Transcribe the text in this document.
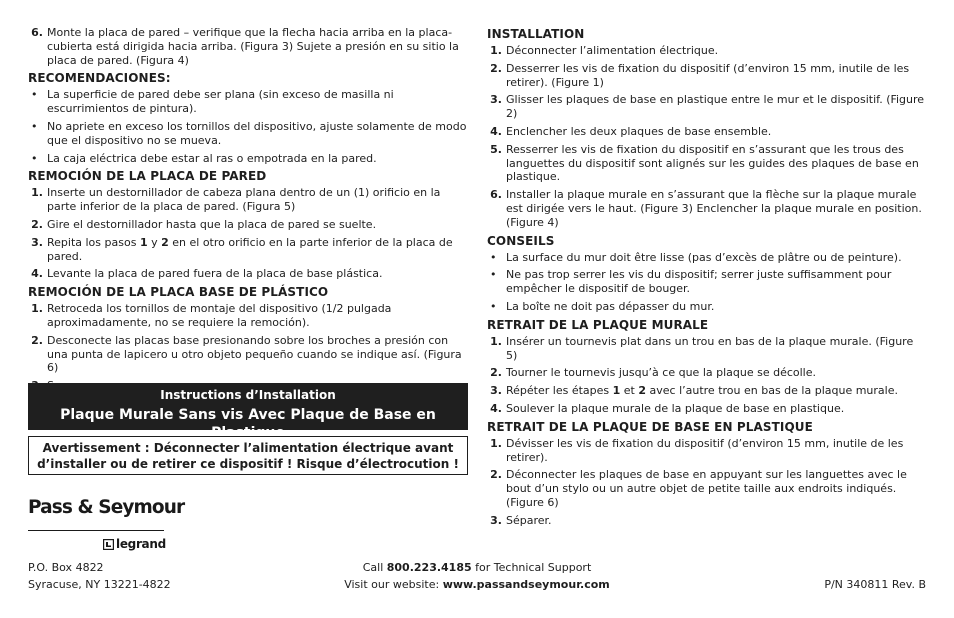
6. Monte la placa de pared – verifique que la flecha hacia arriba en la placa-cubierta está dirigida hacia arriba. (Figura 3) Sujete a presión en su sitio la placa de pared. (Figura 4)
RECOMENDACIONES:
• La superficie de pared debe ser plana (sin exceso de masilla ni escurrimientos de pintura).
• No apriete en exceso los tornillos del dispositivo, ajuste solamente de modo que el dispositivo no se mueva.
• La caja eléctrica debe estar al ras o empotrada en la pared.
REMOCIÓN DE LA PLACA DE PARED
1. Inserte un destornillador de cabeza plana dentro de un (1) orificio en la parte inferior de la placa de pared. (Figura 5)
2. Gire el destornillador hasta que la placa de pared se suelte.
3. Repita los pasos 1 y 2 en el otro orificio en la parte inferior de la placa de pared.
4. Levante la placa de pared fuera de la placa de base plástica.
REMOCIÓN DE LA PLACA BASE DE PLÁSTICO
1. Retroceda los tornillos de montaje del dispositivo (1/2 pulgada aproximadamente, no se requiere la remoción).
2. Desconecte las placas base presionando sobre los broches a presión con una punta de lapicero u otro objeto pequeño cuando se indique así. (Figura 6)
Instructions d’Installation
Plaque Murale Sans vis Avec Plaque de Base en Plastique
Avertissement : Déconnecter l’alimentation électrique avant
d’installer ou de retirer ce dispositif ! Risque d’électrocution !
Pass & Seymour
legrand
INSTALLATION
1. Déconnecter l’alimentation électrique.
2. Desserrer les vis de fixation du dispositif (d’environ 15 mm, inutile de les retirer). (Figure 1)
3. Glisser les plaques de base en plastique entre le mur et le dispositif. (Figure 2)
4. Enclencher les deux plaques de base ensemble.
5. Resserrer les vis de fixation du dispositif en s’assurant que les trous des languettes du dispositif sont alignés sur les guides des plaques de base en plastique.
6. Installer la plaque murale en s’assurant que la flèche sur la plaque murale est dirigée vers le haut. (Figure 3) Enclencher la plaque murale en position. (Figure 4)
CONSEILS
• La surface du mur doit être lisse (pas d’excès de plâtre ou de peinture).
• Ne pas trop serrer les vis du dispositif; serrer juste suffisamment pour empêcher le dispositif de bouger.
• La boîte ne doit pas dépasser du mur.
RETRAIT DE LA PLAQUE MURALE
1. Insérer un tournevis plat dans un trou en bas de la plaque murale. (Figure 5)
2. Tourner le tournevis jusqu’à ce que la plaque se décolle.
3. Répéter les étapes 1 et 2 avec l’autre trou en bas de la plaque murale.
4. Soulever la plaque murale de la plaque de base en plastique.
RETRAIT DE LA PLAQUE DE BASE EN PLASTIQUE
1. Dévisser les vis de fixation du dispositif (d’environ 15 mm, inutile de les retirer).
2. Déconnecter les plaques de base en appuyant sur les languettes avec le bout d’un stylo ou un autre objet de petite taille aux endroits indiqués. (Figure 6)
3. Séparer.
P.O. Box 4822
Syracuse, NY 13221-4822
Call 800.223.4185 for Technical Support
Visit our website: www.passandseymour.com	P/N 340811 Rev. B
